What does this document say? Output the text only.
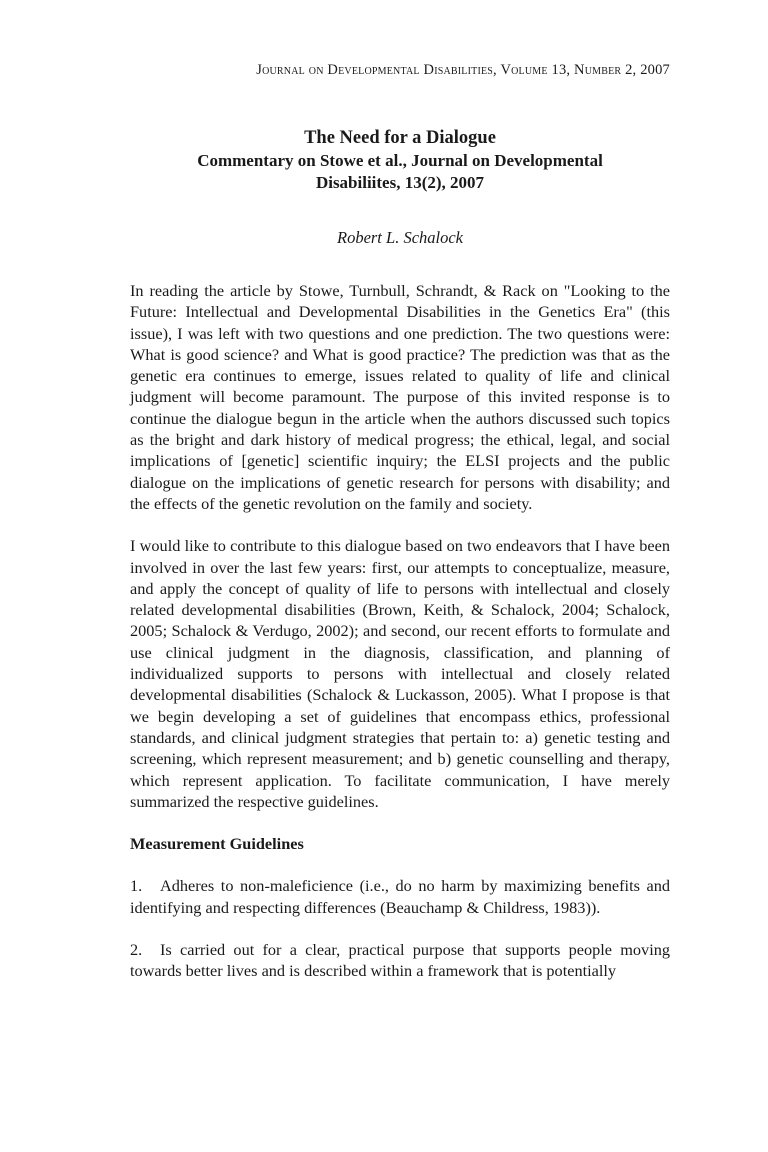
Journal on Developmental Disabilities, Volume 13, Number 2, 2007
The Need for a Dialogue
Commentary on Stowe et al., Journal on Developmental
Disabiliites, 13(2), 2007
Robert L. Schalock

In reading the article by Stowe, Turnbull, Schrandt, & Rack on "Looking to the Future: Intellectual and Developmental Disabilities in the Genetics Era" (this issue), I was left with two questions and one prediction. The two questions were: What is good science? and What is good practice? The prediction was that as the genetic era continues to emerge, issues related to quality of life and clinical judgment will become paramount. The purpose of this invited response is to continue the dialogue begun in the article when the authors discussed such topics as the bright and dark history of medical progress; the ethical, legal, and social implications of [genetic] scientific inquiry; the ELSI projects and the public dialogue on the implications of genetic research for persons with disability; and the effects of the genetic revolution on the family and society.

I would like to contribute to this dialogue based on two endeavors that I have been involved in over the last few years: first, our attempts to conceptualize, measure, and apply the concept of quality of life to persons with intellectual and closely related developmental disabilities (Brown, Keith, & Schalock, 2004; Schalock, 2005; Schalock & Verdugo, 2002); and second, our recent efforts to formulate and use clinical judgment in the diagnosis, classification, and planning of individualized supports to persons with intellectual and closely related developmental disabilities (Schalock & Luckasson, 2005). What I propose is that we begin developing a set of guidelines that encompass ethics, professional standards, and clinical judgment strategies that pertain to: a) genetic testing and screening, which represent measurement; and b) genetic counselling and therapy, which represent application. To facilitate communication, I have merely summarized the respective guidelines.

Measurement Guidelines

1. Adheres to non-maleficience (i.e., do no harm by maximizing benefits and identifying and respecting differences (Beauchamp & Childress, 1983)).

2. Is carried out for a clear, practical purpose that supports people moving towards better lives and is described within a framework that is potentially
